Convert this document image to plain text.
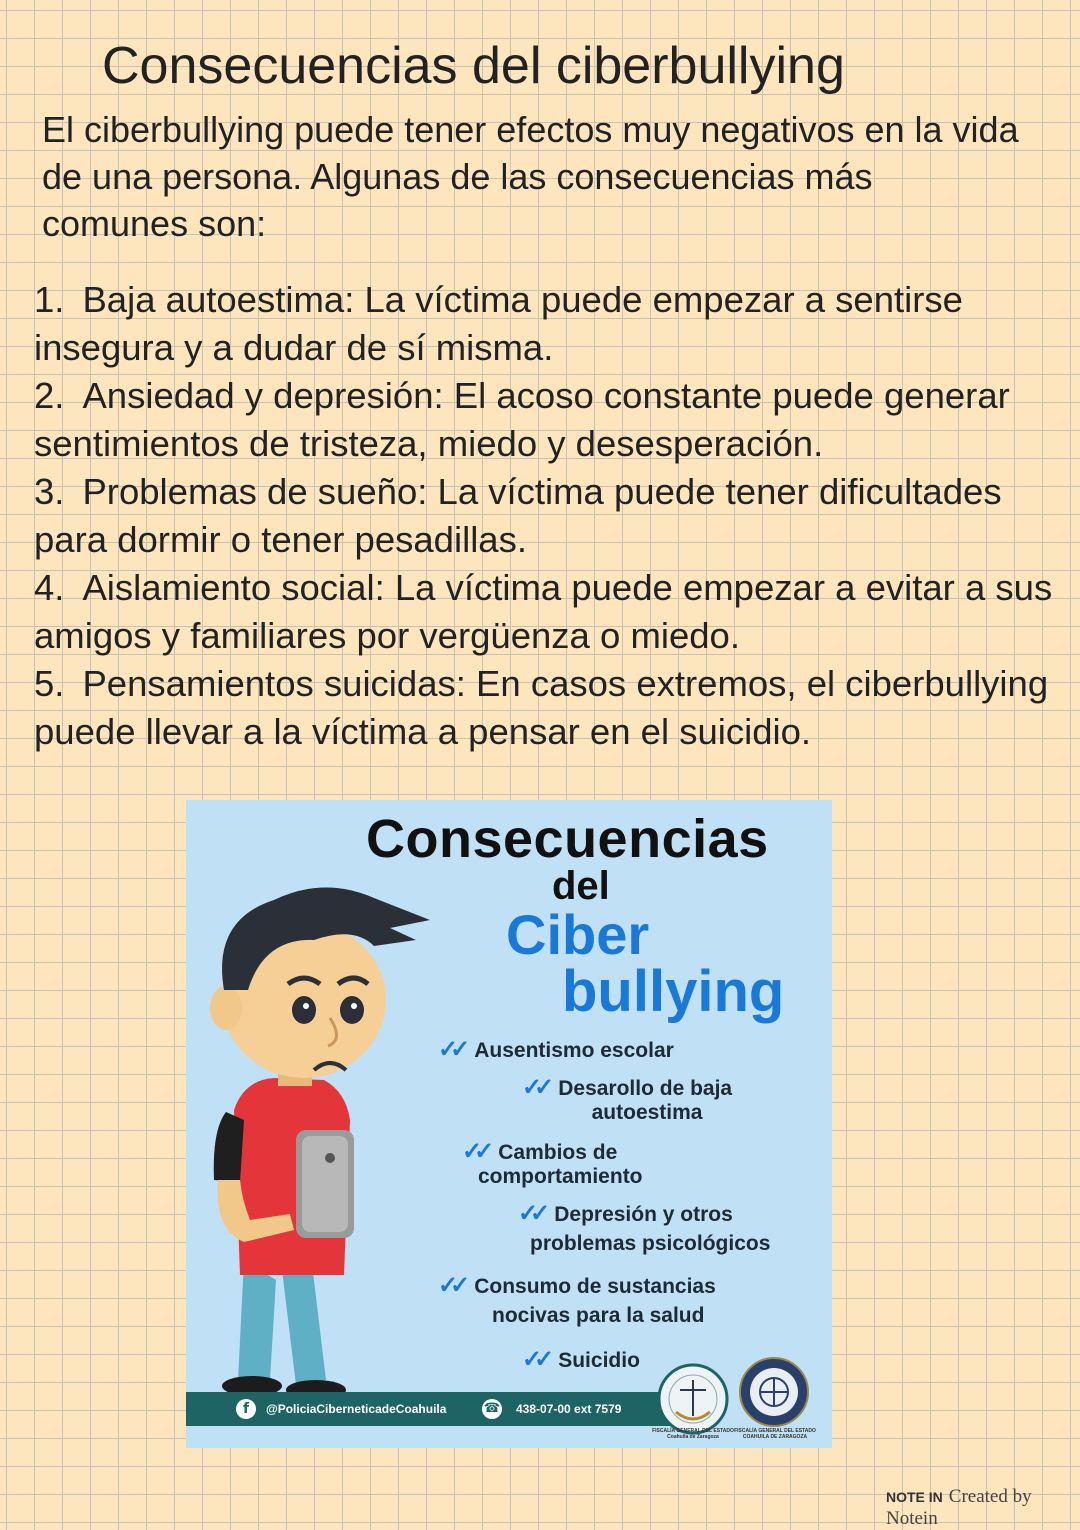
Consecuencias del ciberbullying
El ciberbullying puede tener efectos muy negativos en la vida de una persona. Algunas de las consecuencias más comunes son:
1. Baja autoestima: La víctima puede empezar a sentirse insegura y a dudar de sí misma.
2. Ansiedad y depresión: El acoso constante puede generar sentimientos de tristeza, miedo y desesperación.
3. Problemas de sueño: La víctima puede tener dificultades para dormir o tener pesadillas.
4. Aislamiento social: La víctima puede empezar a evitar a sus amigos y familiares por vergüenza o miedo.
5. Pensamientos suicidas: En casos extremos, el ciberbullying puede llevar a la víctima a pensar en el suicidio.
Consecuencias
del
Ciber
bullying
✓✓ Ausentismo escolar
✓✓ Desarollo de baja
autoestima
✓✓ Cambios de
comportamiento
✓✓ Depresión y otros
problemas psicológicos
✓✓ Consumo de sustancias
nocivas para la salud
✓✓ Suicidio
f	@PoliciaCiberneticadeCoahuila	☎ 438-07-00 ext 7579
FISCALÍA GENERAL DEL ESTADO Coahuila de Zaragoza
FISCALÍA GENERAL DEL ESTADO COAHUILA DE ZARAGOZA
NOTE IN Created by Notein
